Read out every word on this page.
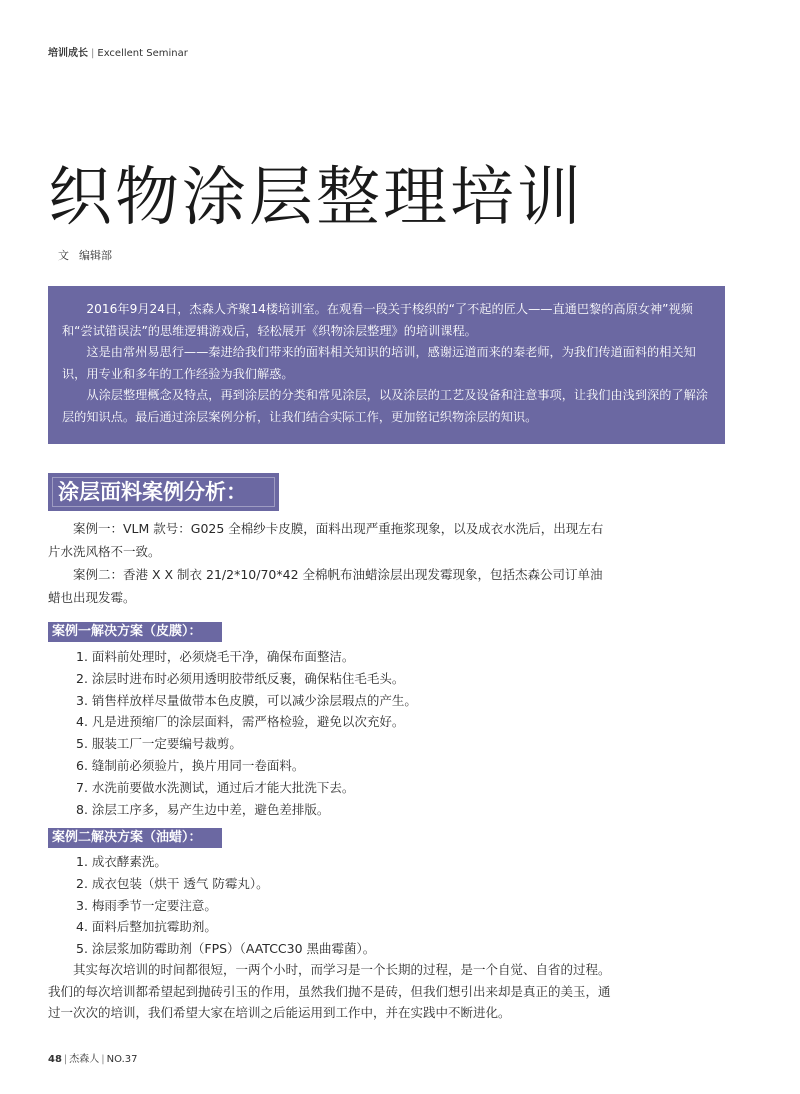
培训成长 | Excellent Seminar
织物涂层整理培训
文 编辑部

2016年9月24日，杰森人齐聚14楼培训室。在观看一段关于梭织的“了不起的匠人——直通巴黎的高原女神”视频和“尝试错误法”的思维逻辑游戏后，轻松展开《织物涂层整理》的培训课程。

这是由常州易思行——秦进给我们带来的面料相关知识的培训，感谢远道而来的秦老师，为我们传道面料的相关知识，用专业和多年的工作经验为我们解惑。

从涂层整理概念及特点，再到涂层的分类和常见涂层，以及涂层的工艺及设备和注意事项，让我们由浅到深的了解涂层的知识点。最后通过涂层案例分析，让我们结合实际工作，更加铭记织物涂层的知识。

涂层面料案例分析：

案例一：VLM 款号：G025 全棉纱卡皮膜，面料出现严重拖浆现象，以及成衣水洗后，出现左右片水洗风格不一致。

案例二：香港 X X 制衣 21/2*10/70*42 全棉帆布油蜡涂层出现发霉现象，包括杰森公司订单油蜡也出现发霉。

案例一解决方案（皮膜）：
1. 面料前处理时，必须烧毛干净，确保布面整洁。
2. 涂层时进布时必须用透明胶带纸反裹，确保粘住毛毛头。
3. 销售样放样尽量做带本色皮膜，可以减少涂层瑕点的产生。
4. 凡是进预缩厂的涂层面料，需严格检验，避免以次充好。
5. 服装工厂一定要编号裁剪。
6. 缝制前必须验片，换片用同一卷面料。
7. 水洗前要做水洗测试，通过后才能大批洗下去。
8. 涂层工序多，易产生边中差，避色差排版。
案例二解决方案（油蜡）：
1. 成衣酵素洗。
2. 成衣包装（烘干 透气 防霉丸）。
3. 梅雨季节一定要注意。
4. 面料后整加抗霉助剂。
5. 涂层浆加防霉助剂（FPS）（AATCC30 黑曲霉菌）。

其实每次培训的时间都很短，一两个小时，而学习是一个长期的过程，是一个自觉、自省的过程。我们的每次培训都希望起到抛砖引玉的作用，虽然我们抛不是砖，但我们想引出来却是真正的美玉，通过一次次的培训，我们希望大家在培训之后能运用到工作中，并在实践中不断进化。

48 | 杰森人 | NO.37
